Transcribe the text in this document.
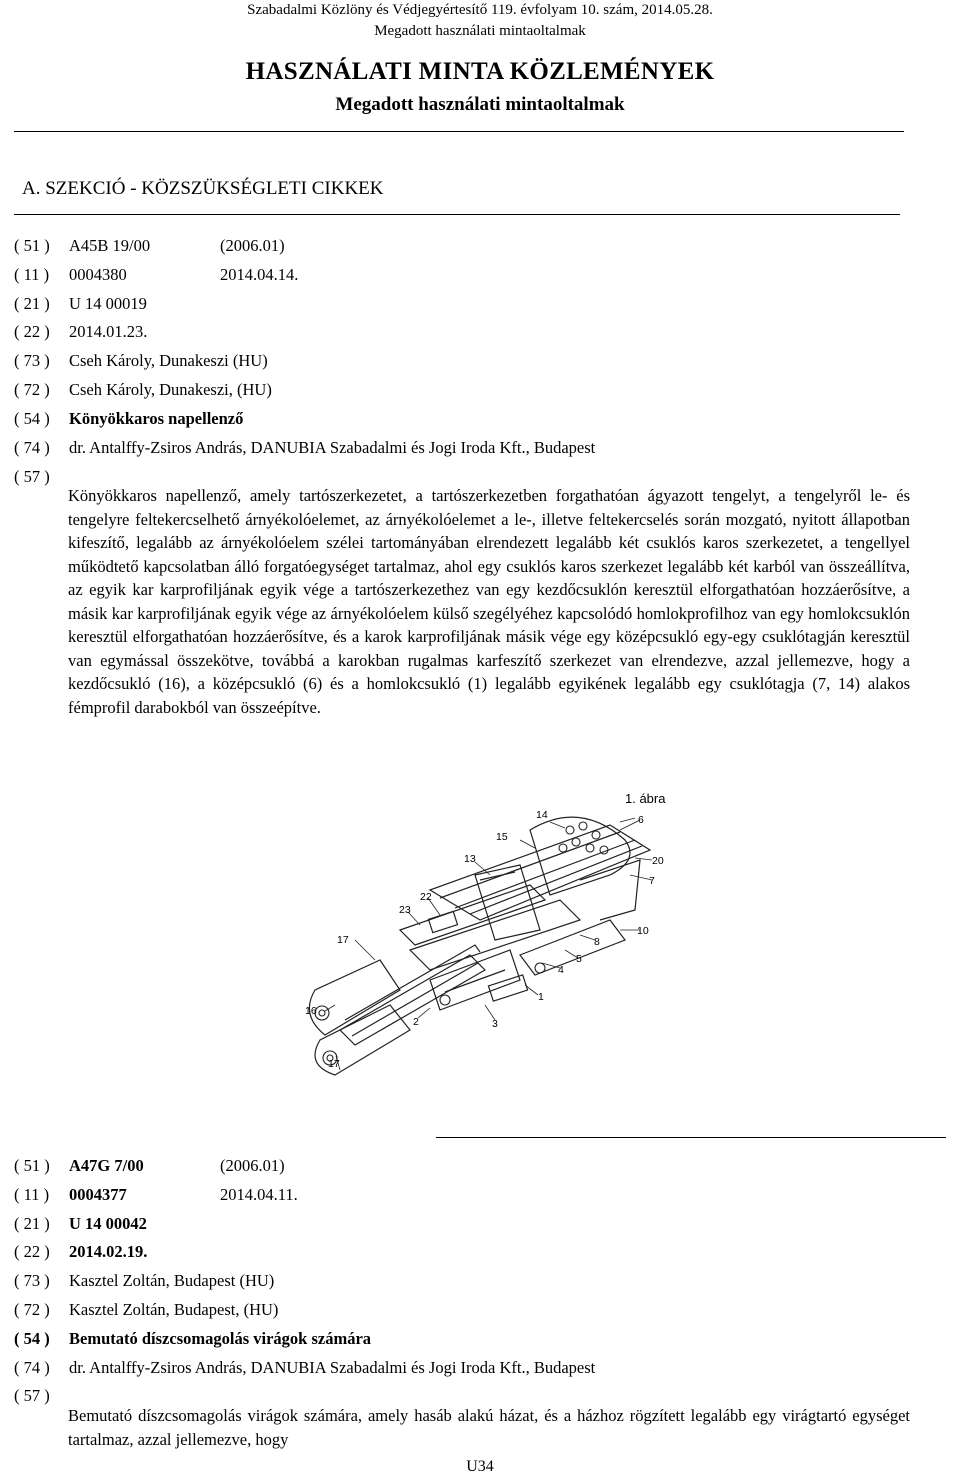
Szabadalmi Közlöny és Védjegyértesítő 119. évfolyam 10. szám, 2014.05.28.
Megadott használati mintaoltalmak
HASZNÁLATI MINTA KÖZLEMÉNYEK
Megadott használati mintaoltalmak
A. SZEKCIÓ - KÖZSZÜKSÉGLETI CIKKEK
( 51 )	A45B 19/00	(2006.01)
( 11 )	0004380	2014.04.14.
( 21 )	U 14 00019
( 22 )	2014.01.23.
( 73 )	Cseh Károly, Dunakeszi (HU)
( 72 )	Cseh Károly, Dunakeszi, (HU)
( 54 )	Könyökkaros napellenző
( 74 )	dr. Antalffy-Zsiros András, DANUBIA Szabadalmi és Jogi Iroda Kft., Budapest
( 57 )
Könyökkaros napellenző, amely tartószerkezetet, a tartószerkezetben forgathatóan ágyazott tengelyt, a tengelyről le- és tengelyre feltekercselhető árnyékolóelemet, az árnyékolóelemet a le-, illetve feltekercselés során mozgató, nyitott állapotban kifeszítő, legalább az árnyékolóelem szélei tartományában elrendezett legalább két csuklós karos szerkezetet, a tengellyel működtető kapcsolatban álló forgatóegységet tartalmaz, ahol egy csuklós karos szerkezet legalább két karból van összeállítva, az egyik kar karprofiljának egyik vége a tartószerkezethez van egy kezdőcsuklón keresztül elforgathatóan hozzáerősítve, a másik kar karprofiljának egyik vége az árnyékolóelem külső szegélyéhez kapcsolódó homlokprofilhoz van egy homlokcsuklón keresztül elforgathatóan hozzáerősítve, és a karok karprofiljának másik vége egy középcsukló egy-egy csuklótagján keresztül van egymással összekötve, továbbá a karokban rugalmas karfeszítő szerkezet van elrendezve, azzal jellemezve, hogy a kezdőcsukló (16), a középcsukló (6) és a homlokcsukló (1) legalább egyikének legalább egy csuklótagja (7, 14) alakos fémprofil darabokból van összeépítve.
1. ábra
14	6
15
13	20
7
22
23
17
10
8
5
4
1
16
2	3
17
( 51 )	A47G 7/00	(2006.01)
( 11 )	0004377	2014.04.11.
( 21 )	U 14 00042
( 22 )	2014.02.19.
( 73 )	Kasztel Zoltán, Budapest (HU)
( 72 )	Kasztel Zoltán, Budapest, (HU)
( 54 )	Bemutató díszcsomagolás virágok számára
( 74 )	dr. Antalffy-Zsiros András, DANUBIA Szabadalmi és Jogi Iroda Kft., Budapest
( 57 )
Bemutató díszcsomagolás virágok számára, amely hasáb alakú házat, és a házhoz rögzített legalább egy virágtartó egységet tartalmaz, azzal jellemezve, hogy
U34
